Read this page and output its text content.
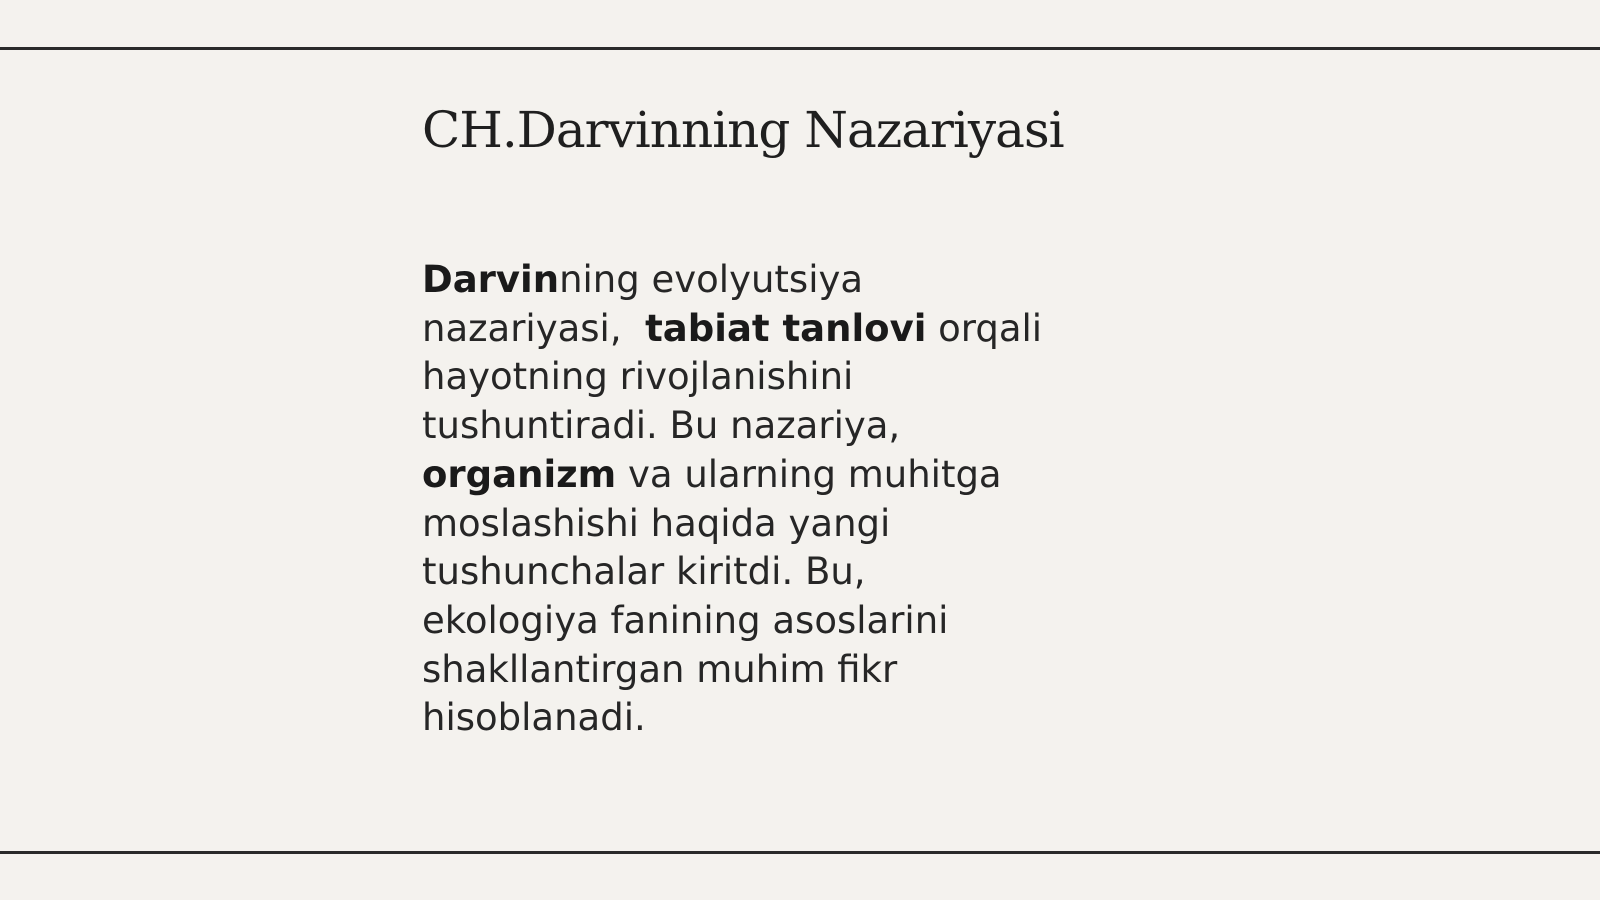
CH.Darvinning Nazariyasi
Darvinning evolyutsiya
nazariyasi,  tabiat tanlovi orqali
hayotning rivojlanishini
tushuntiradi. Bu nazariya,
organizm va ularning muhitga
moslashishi haqida yangi
tushunchalar kiritdi. Bu,
ekologiya fanining asoslarini
shakllantirgan muhim fikr
hisoblanadi.
